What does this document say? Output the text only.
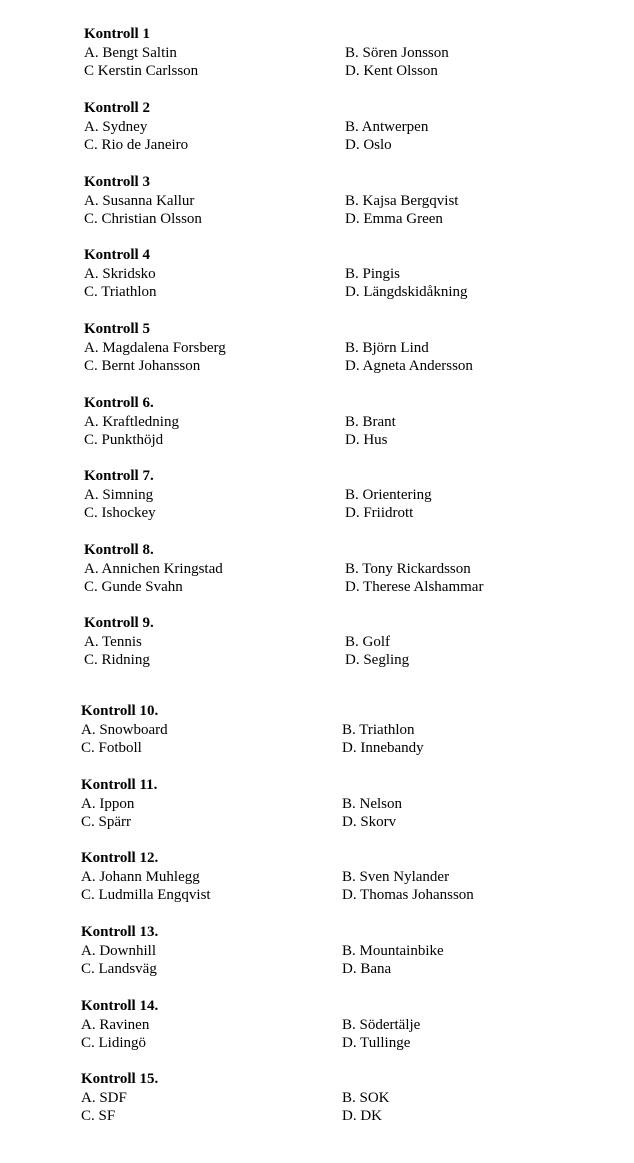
Kontroll 1
A. Bengt Saltin	B. Sören Jonsson
C Kerstin Carlsson	D. Kent Olsson
Kontroll 2
A. Sydney	B. Antwerpen
C. Rio de Janeiro	D. Oslo
Kontroll 3
A. Susanna Kallur	B. Kajsa Bergqvist
C. Christian Olsson	D. Emma Green
Kontroll 4
A. Skridsko	B. Pingis
C. Triathlon	D. Längdskidåkning
Kontroll 5
A. Magdalena Forsberg	B. Björn Lind
C. Bernt Johansson	D. Agneta Andersson
Kontroll 6.
A. Kraftledning	B. Brant
C. Punkthöjd	D. Hus
Kontroll 7.
A. Simning	B. Orientering
C. Ishockey	D. Friidrott
Kontroll 8.
A. Annichen Kringstad	B. Tony Rickardsson
C. Gunde Svahn	D. Therese Alshammar
Kontroll 9.
A. Tennis	B. Golf
C. Ridning	D. Segling
Kontroll 10.
A. Snowboard	B. Triathlon
C. Fotboll	D. Innebandy
Kontroll 11.
A. Ippon	B. Nelson
C. Spärr	D. Skorv
Kontroll 12.
A. Johann Muhlegg	B. Sven Nylander
C. Ludmilla Engqvist	D. Thomas Johansson
Kontroll 13.
A. Downhill	B. Mountainbike
C. Landsväg	D. Bana
Kontroll 14.
A. Ravinen	B. Södertälje
C. Lidingö	D. Tullinge
Kontroll 15.
A. SDF	B. SOK
C. SF	D. DK
